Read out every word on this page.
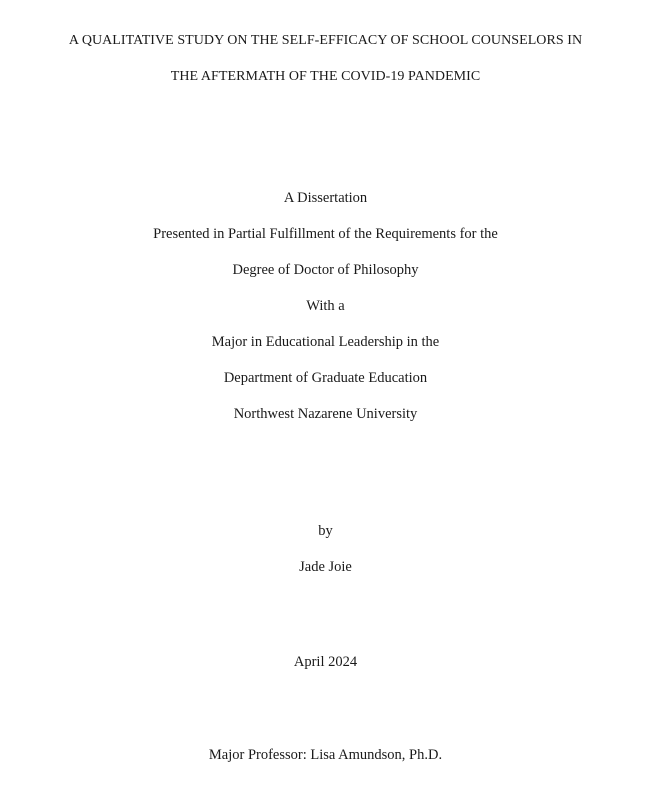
A QUALITATIVE STUDY ON THE SELF-EFFICACY OF SCHOOL COUNSELORS IN
THE AFTERMATH OF THE COVID-19 PANDEMIC
A Dissertation
Presented in Partial Fulfillment of the Requirements for the
Degree of Doctor of Philosophy
With a
Major in Educational Leadership in the
Department of Graduate Education
Northwest Nazarene University
by
Jade Joie
April 2024
Major Professor: Lisa Amundson, Ph.D.
